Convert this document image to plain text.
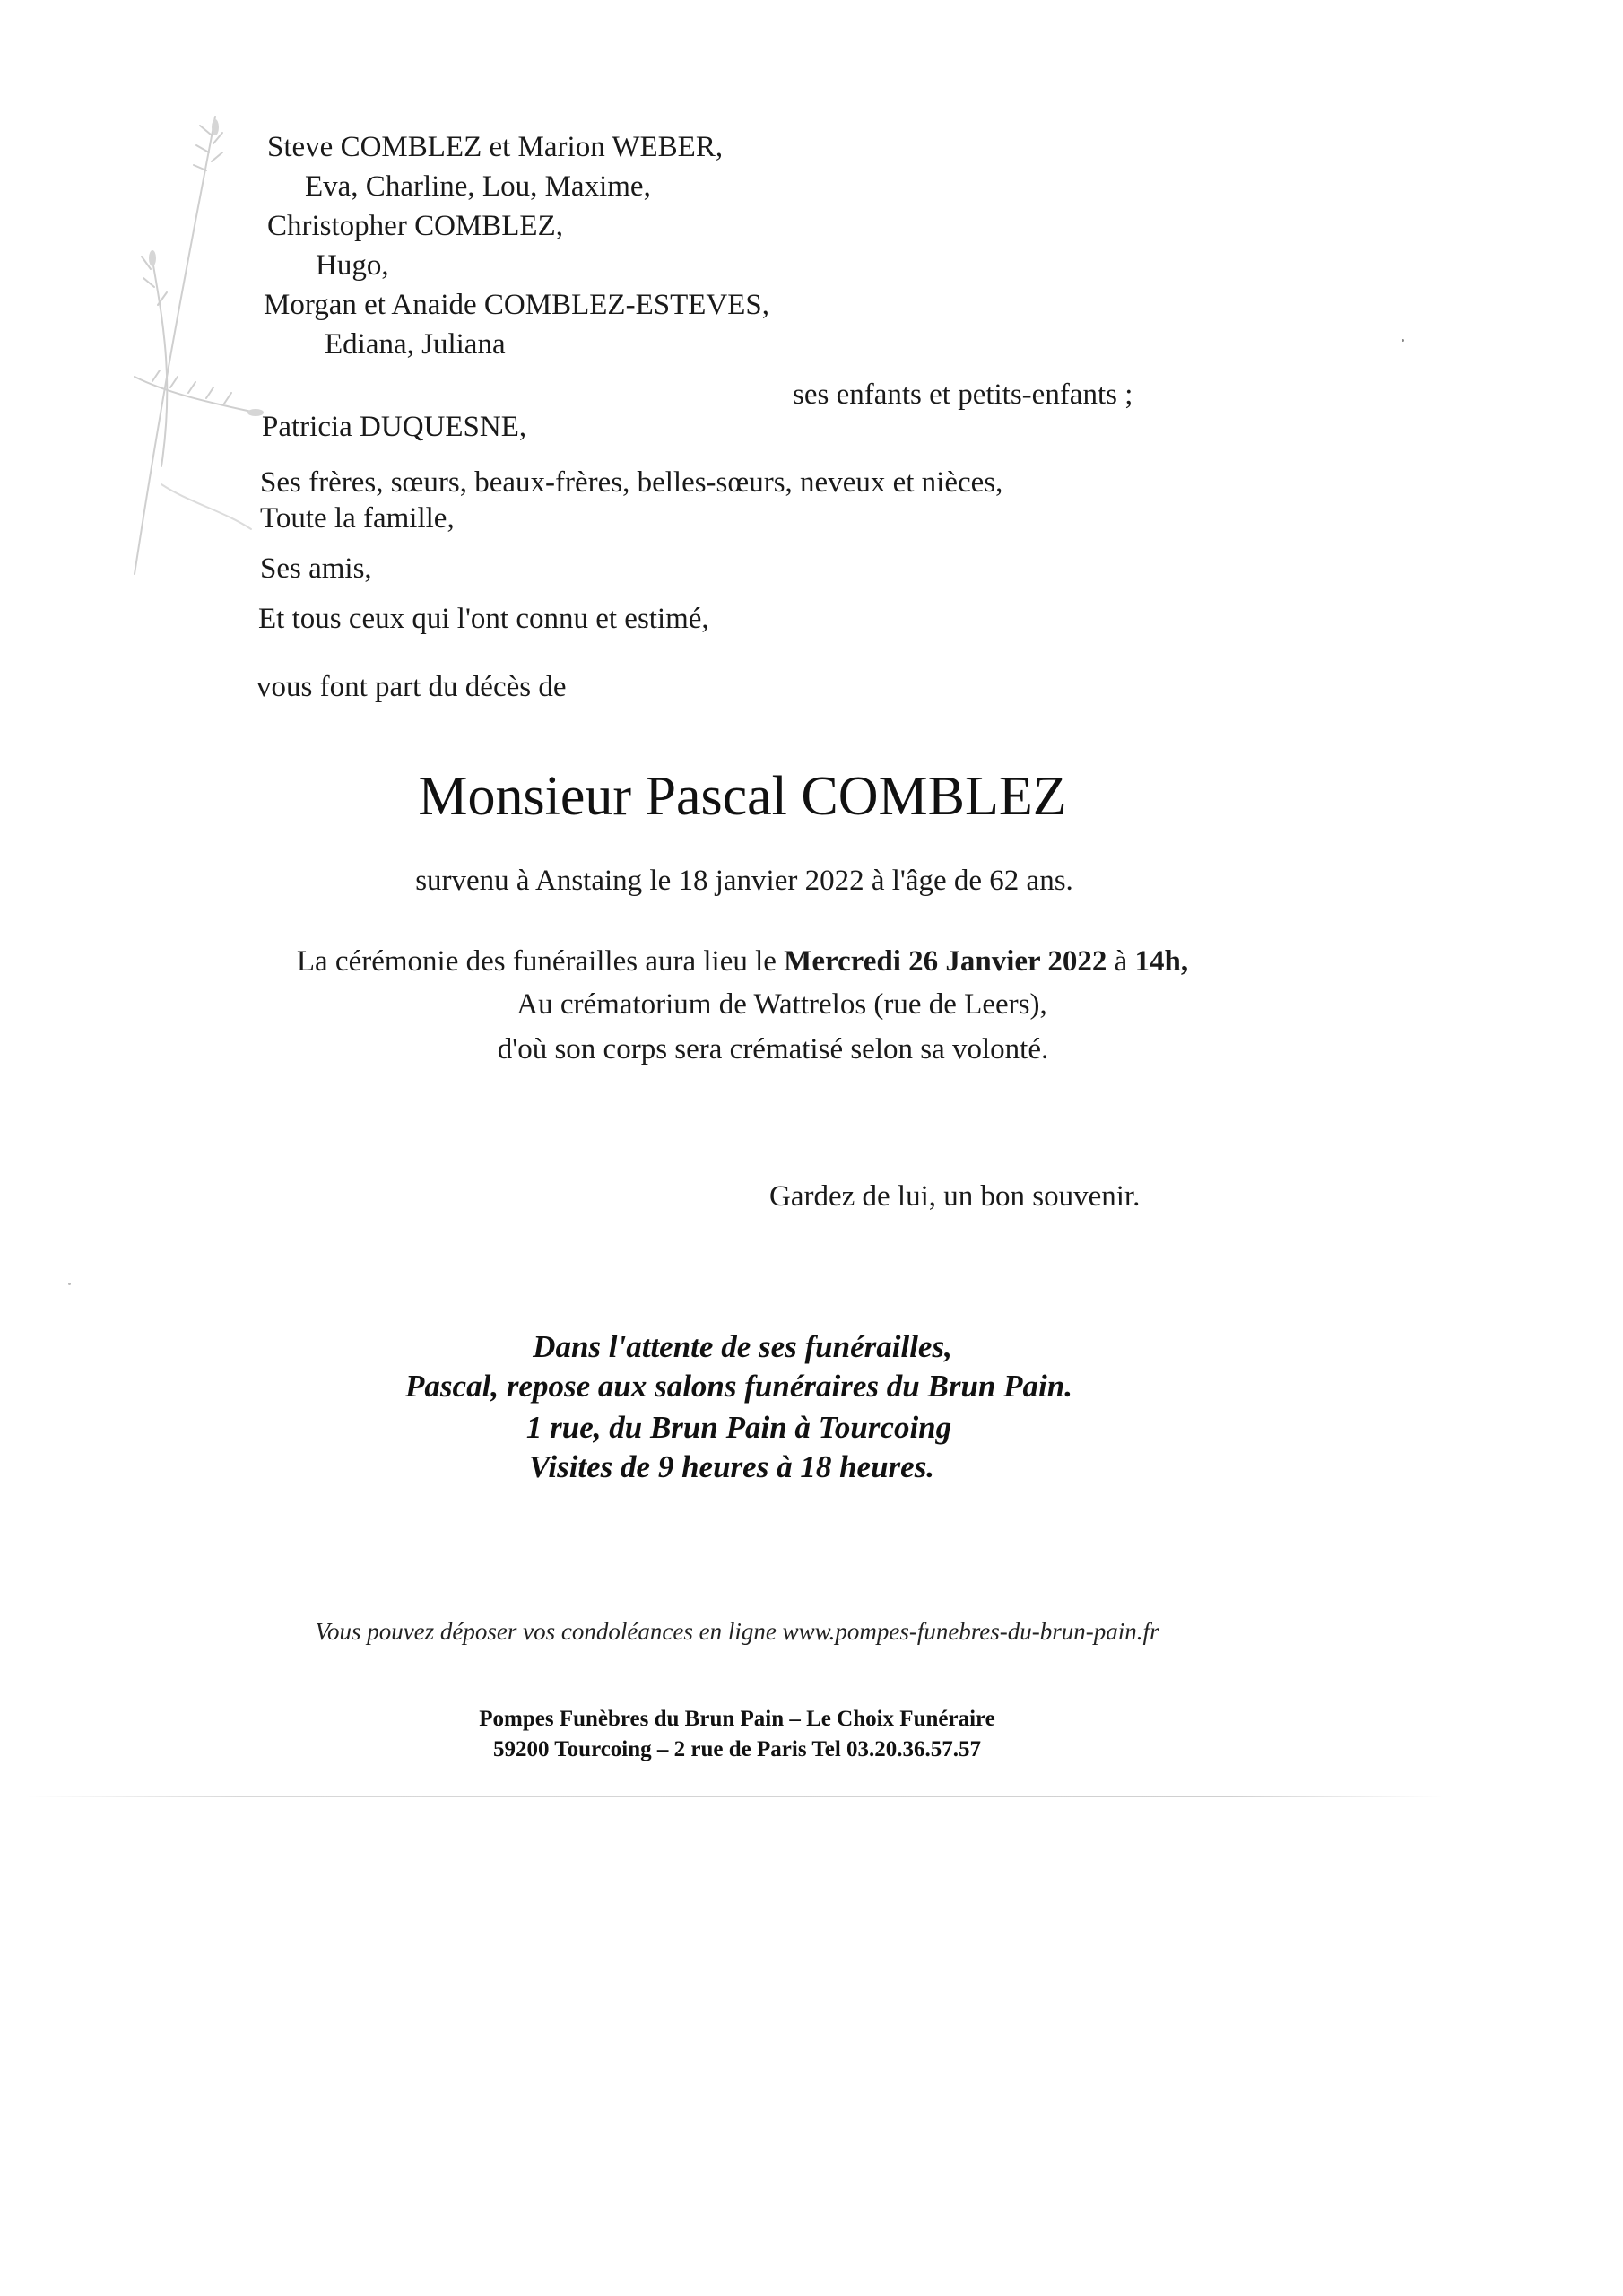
Steve COMBLEZ et Marion WEBER,
Eva, Charline, Lou, Maxime,
Christopher COMBLEZ,
Hugo,
Morgan et Anaide COMBLEZ-ESTEVES,
Ediana, Juliana
ses enfants et petits-enfants ;
Patricia DUQUESNE,
Ses frères, sœurs, beaux-frères, belles-sœurs, neveux et nièces,
Toute la famille,
Ses amis,
Et tous ceux qui l'ont connu et estimé,
vous font part du décès de
Monsieur Pascal COMBLEZ
survenu à Anstaing le 18 janvier 2022 à l'âge de 62 ans.
La cérémonie des funérailles aura lieu le Mercredi 26 Janvier 2022 à 14h,
Au crématorium de Wattrelos (rue de Leers),
d'où son corps sera crématisé selon sa volonté.
Gardez de lui, un bon souvenir.
Dans l'attente de ses funérailles,
Pascal, repose aux salons funéraires du Brun Pain.
1 rue, du Brun Pain à Tourcoing
Visites de 9 heures à 18 heures.
Vous pouvez déposer vos condoléances en ligne www.pompes-funebres-du-brun-pain.fr
Pompes Funèbres du Brun Pain – Le Choix Funéraire
59200 Tourcoing – 2 rue de Paris Tel 03.20.36.57.57
